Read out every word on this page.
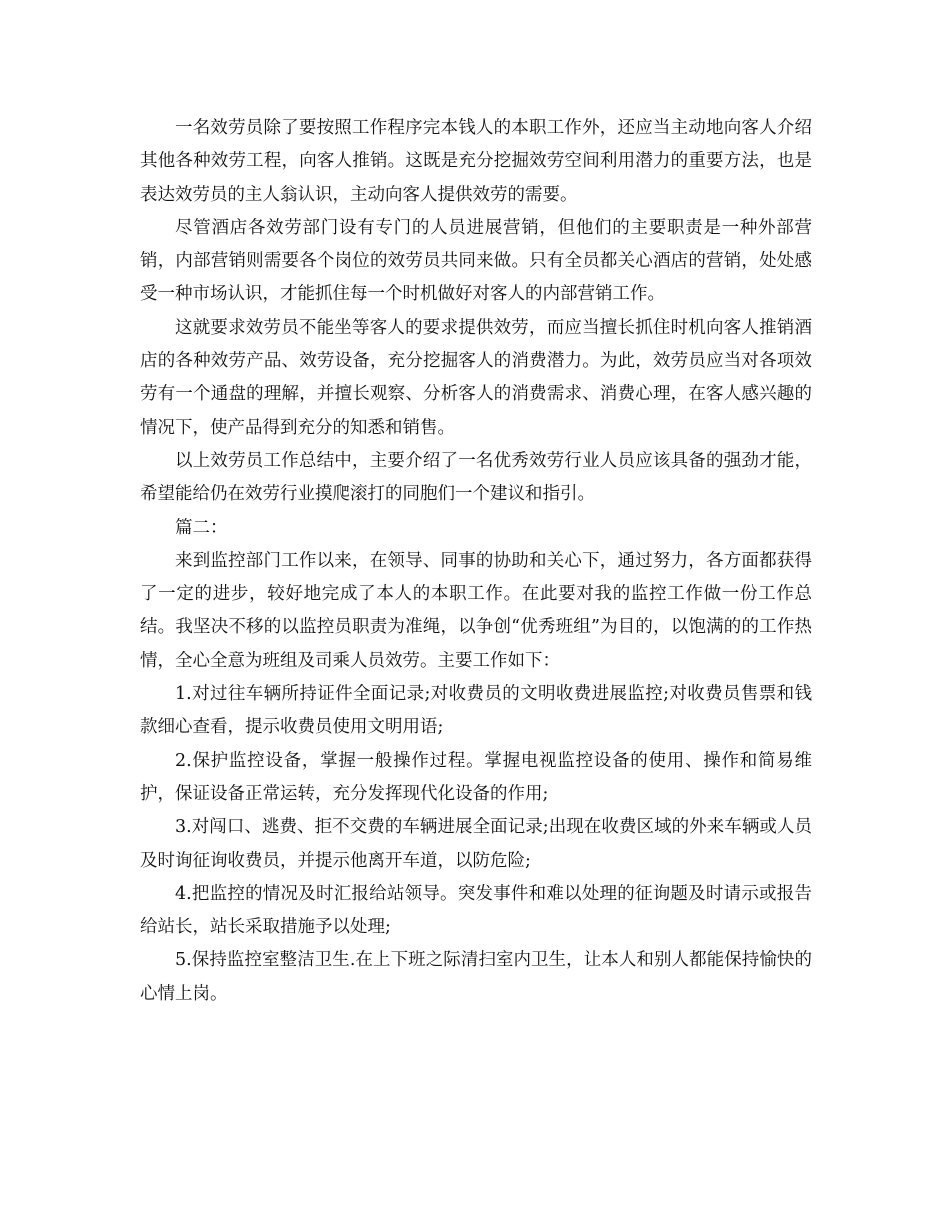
一名效劳员除了要按照工作程序完本钱人的本职工作外，还应当主动地向客人介绍其他各种效劳工程，向客人推销。这既是充分挖掘效劳空间利用潜力的重要方法，也是表达效劳员的主人翁认识，主动向客人提供效劳的需要。

尽管酒店各效劳部门设有专门的人员进展营销，但他们的主要职责是一种外部营销，内部营销则需要各个岗位的效劳员共同来做。只有全员都关心酒店的营销，处处感受一种市场认识，才能抓住每一个时机做好对客人的内部营销工作。

这就要求效劳员不能坐等客人的要求提供效劳，而应当擅长抓住时机向客人推销酒店的各种效劳产品、效劳设备，充分挖掘客人的消费潜力。为此，效劳员应当对各项效劳有一个通盘的理解，并擅长观察、分析客人的消费需求、消费心理，在客人感兴趣的情况下，使产品得到充分的知悉和销售。

以上效劳员工作总结中，主要介绍了一名优秀效劳行业人员应该具备的强劲才能，希望能给仍在效劳行业摸爬滚打的同胞们一个建议和指引。

篇二：

来到监控部门工作以来，在领导、同事的协助和关心下，通过努力，各方面都获得了一定的进步，较好地完成了本人的本职工作。在此要对我的监控工作做一份工作总结。我坚决不移的以监控员职责为准绳，以争创“优秀班组”为目的，以饱满的的工作热情，全心全意为班组及司乘人员效劳。主要工作如下：

1.对过往车辆所持证件全面记录;对收费员的文明收费进展监控;对收费员售票和钱款细心查看，提示收费员使用文明用语;

2.保护监控设备，掌握一般操作过程。掌握电视监控设备的使用、操作和简易维护，保证设备正常运转，充分发挥现代化设备的作用;

3.对闯口、逃费、拒不交费的车辆进展全面记录;出现在收费区域的外来车辆或人员及时询征询收费员，并提示他离开车道，以防危险;

4.把监控的情况及时汇报给站领导。突发事件和难以处理的征询题及时请示或报告给站长，站长采取措施予以处理;

5.保持监控室整洁卫生.在上下班之际清扫室内卫生，让本人和别人都能保持愉快的心情上岗。
